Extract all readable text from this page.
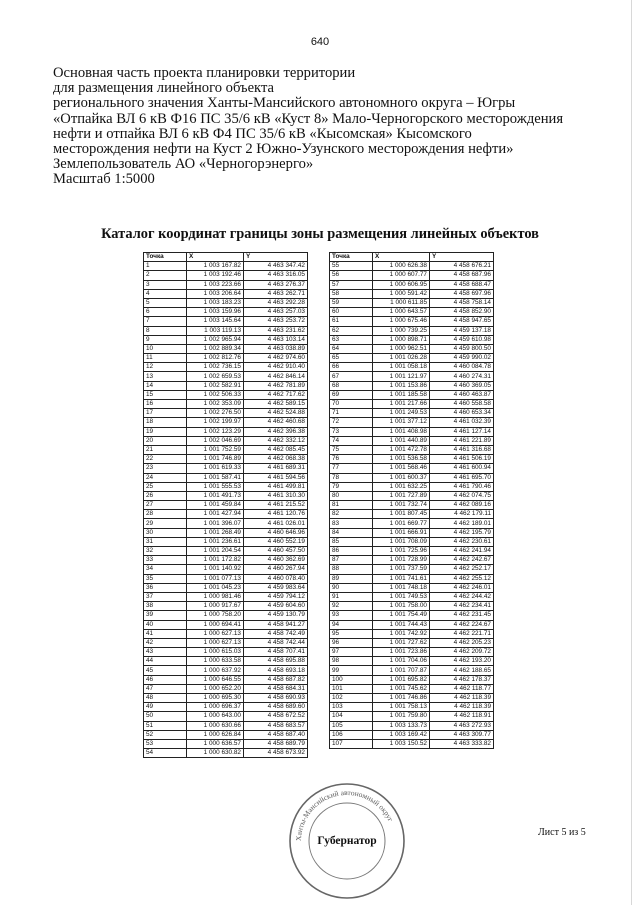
640
Основная часть проекта планировки территории
для размещения линейного объекта
регионального значения Ханты-Мансийского автономного округа – Югры
«Отпайка ВЛ 6 кВ Ф16 ПС 35/6 кВ «Куст 8» Мало-Черногорского месторождения
нефти и отпайка ВЛ 6 кВ Ф4 ПС 35/6 кВ «Кысомская» Кысомского
месторождения нефти на Куст 2 Южно-Узунского месторождения нефти»
Землепользователь АО «Черногорэнерго»
Масштаб 1:5000
Каталог координат границы зоны размещения линейных объектов
Точка	X	Y
1	1 003 167.82	4 463 347.42
2	1 003 192.46	4 463 316.05
3	1 003 223.66	4 463 276.37
4	1 003 206.64	4 463 262.71
5	1 003 183.23	4 463 292.28
6	1 003 159.96	4 463 257.03
7	1 003 145.64	4 463 253.72
8	1 003 119.13	4 463 231.62
9	1 002 965.94	4 463 103.14
10	1 002 889.34	4 463 038.89
11	1 002 812.76	4 462 974.60
12	1 002 736.15	4 462 910.40
13	1 002 659.53	4 462 846.14
14	1 002 582.91	4 462 781.89
15	1 002 506.33	4 462 717.62
16	1 002 353.09	4 462 589.15
17	1 002 276.50	4 462 524.88
18	1 002 199.97	4 462 460.68
19	1 002 123.29	4 462 396.38
20	1 002 046.69	4 462 332.12
21	1 001 752.59	4 462 085.45
22	1 001 746.89	4 462 068.38
23	1 001 619.33	4 461 689.31
24	1 001 587.41	4 461 594.56
25	1 001 555.53	4 461 499.81
26	1 001 491.73	4 461 310.30
27	1 001 459.84	4 461 215.52
28	1 001 427.94	4 461 120.76
29	1 001 396.07	4 461 026.01
30	1 001 268.49	4 460 646.96
31	1 001 236.61	4 460 552.19
32	1 001 204.54	4 460 457.50
33	1 001 172.82	4 460 362.69
34	1 001 140.92	4 460 267.94
35	1 001 077.13	4 460 078.40
36	1 001 045.23	4 459 983.64
37	1 000 981.46	4 459 794.12
38	1 000 917.67	4 459 604.60
39	1 000 758.20	4 459 130.79
40	1 000 694.41	4 458 941.27
41	1 000 627.13	4 458 742.49
42	1 000 627.13	4 458 742.44
43	1 000 615.03	4 458 707.41
44	1 000 633.58	4 458 695.88
45	1 000 637.92	4 458 693.18
46	1 000 646.55	4 458 687.82
47	1 000 652.20	4 458 684.31
48	1 000 695.30	4 458 690.93
49	1 000 696.37	4 458 689.60
50	1 000 643.00	4 458 672.52
51	1 000 630.66	4 458 683.57
52	1 000 626.84	4 458 687.40
53	1 000 636.57	4 458 689.79
54	1 000 630.82	4 458 673.92
Точка	X	Y
55	1 000 626.38	4 458 676.21
56	1 000 607.77	4 458 687.96
57	1 000 606.95	4 458 688.47
58	1 000 591.42	4 458 697.96
59	1 000 611.85	4 458 758.14
60	1 000 643.57	4 458 852.90
61	1 000 675.46	4 458 947.65
62	1 000 739.25	4 459 137.18
63	1 000 898.71	4 459 610.98
64	1 000 962.51	4 459 800.50
65	1 001 026.28	4 459 990.02
66	1 001 058.18	4 460 084.78
67	1 001 121.97	4 460 274.31
68	1 001 153.86	4 460 369.05
69	1 001 185.58	4 460 463.87
70	1 001 217.66	4 460 558.58
71	1 001 249.53	4 460 653.34
72	1 001 377.12	4 461 032.39
73	1 001 408.98	4 461 127.14
74	1 001 440.89	4 461 221.89
75	1 001 472.78	4 461 316.68
76	1 001 536.58	4 461 506.19
77	1 001 568.46	4 461 600.94
78	1 001 600.37	4 461 695.70
79	1 001 632.25	4 461 790.46
80	1 001 727.89	4 462 074.75
81	1 001 732.74	4 462 089.16
82	1 001 807.45	4 462 179.11
83	1 001 669.77	4 462 189.01
84	1 001 666.91	4 462 195.79
85	1 001 708.09	4 462 230.61
86	1 001 725.96	4 462 241.94
87	1 001 728.99	4 462 242.67
88	1 001 737.59	4 462 252.17
89	1 001 741.61	4 462 255.12
90	1 001 748.18	4 462 246.01
91	1 001 749.53	4 462 244.42
92	1 001 758.00	4 462 234.41
93	1 001 754.49	4 462 231.45
94	1 001 744.43	4 462 224.67
95	1 001 742.92	4 462 221.71
96	1 001 727.62	4 462 205.23
97	1 001 723.86	4 462 209.72
98	1 001 704.06	4 462 193.20
99	1 001 707.87	4 462 188.65
100	1 001 695.82	4 462 178.37
101	1 001 745.62	4 462 118.77
102	1 001 746.86	4 462 118.39
103	1 001 758.13	4 462 118.39
104	1 001 759.80	4 462 118.91
105	1 003 133.73	4 463 272.93
106	1 003 169.42	4 463 309.77
107	1 003 150.52	4 463 333.82
Лист 5 из 5
Ханты-Мансийский автономный округ
Губернатор
